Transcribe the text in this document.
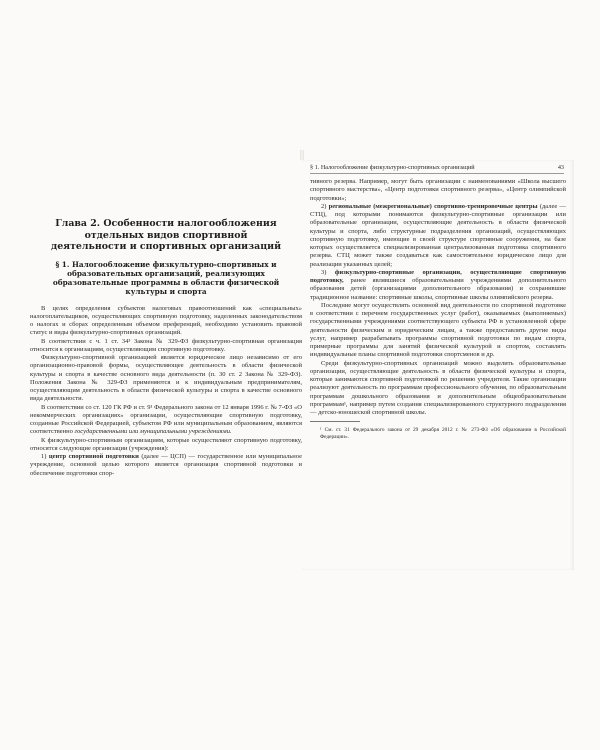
Глава 2. Особенности налогообложения отдельных видов спортивной деятельности и спортивных организаций
§ 1. Налогообложение физкультурно-спортивных и образовательных организаций, реализующих образовательные программы в области физической культуры и спорта

В целях определения субъектов налоговых правоотношений как «специальных» налогоплательщиков, осуществляющих спортивную подготовку, наделенных законодательством о налогах и сборах определенным объемом преференций, необходимо установить правовой статус и виды физкультурно-спортивных организаций.

В соответствии с ч. 1 ст. 34³ Закона № 329-ФЗ физкультурно-спортивная организация относится к организациям, осуществляющим спортивную подготовку.

Физкультурно-спортивной организацией является юридическое лицо независимо от его организационно-правовой формы, осуществляющее деятельность в области физической культуры и спорта в качестве основного вида деятельности (п. 30 ст. 2 Закона № 329-ФЗ). Положения Закона № 329-ФЗ применяются и к индивидуальным предпринимателям, осуществляющим деятельность в области физической культуры и спорта в качестве основного вида деятельности.

В соответствии со ст. 120 ГК РФ и ст. 9¹ Федерального закона от 12 января 1996 г. № 7-ФЗ «О некоммерческих организациях» организации, осуществляющие спортивную подготовку, созданные Российской Федерацией, субъектом РФ или муниципальным образованием, являются соответственно государственными или муниципальными учреждениями.

К физкультурно-спортивным организациям, которые осуществляют спортивную подготовку, относятся следующие организации (учреждения):

1) центр спортивной подготовки (далее — ЦСП) — государственное или муниципальное учреждение, основной целью которого является организация спортивной подготовки и обеспечение подготовки спор-

§ 1. Налогообложение физкультурно-спортивных организаций	43

тивного резерва. Например, могут быть организации с наименованиями «Школа высшего спортивного мастерства», «Центр подготовки спортивного резерва», «Центр олимпийской подготовки»;

2) региональные (межрегиональные) спортивно-тренировочные центры (далее — СТЦ), под которыми понимаются физкультурно-спортивные организации или образовательные организации, осуществляющие деятельность в области физической культуры и спорта, либо структурные подразделения организаций, осуществляющих спортивную подготовку, имеющие в своей структуре спортивные сооружения, на базе которых осуществляется специализированная централизованная подготовка спортивного резерва. СТЦ может также создаваться как самостоятельное юридическое лицо для реализации указанных целей;

3) физкультурно-спортивные организации, осуществляющие спортивную подготовку, ранее являвшиеся образовательными учреждениями дополнительного образования детей (организациями дополнительного образования) и сохранившие традиционное название: спортивные школы, спортивные школы олимпийского резерва.

Последние могут осуществлять основной вид деятельности по спортивной подготовке в соответствии с перечнем государственных услуг (работ), оказываемых (выполняемых) государственными учреждениями соответствующего субъекта РФ в установленной сфере деятельности физическим и юридическим лицам, а также предоставлять другие виды услуг, например разрабатывать программы спортивной подготовки по видам спорта, примерные программы для занятий физической культурой и спортом, составлять индивидуальные планы спортивной подготовки спортсменов и др.

Среди физкультурно-спортивных организаций можно выделить образовательные организации, осуществляющие деятельность в области физической культуры и спорта, которые занимаются спортивной подготовкой по решению учредителя. Такие организации реализуют деятельность по программам профессионального обучения, по образовательным программам дошкольного образования и дополнительным общеобразовательным программам¹, например путем создания специализированного структурного подразделения — детско-юношеской спортивной школы.

¹ См. ст. 31 Федерального закона от 29 декабря 2012 г. № 273-ФЗ «Об образовании в Российской Федерации».
